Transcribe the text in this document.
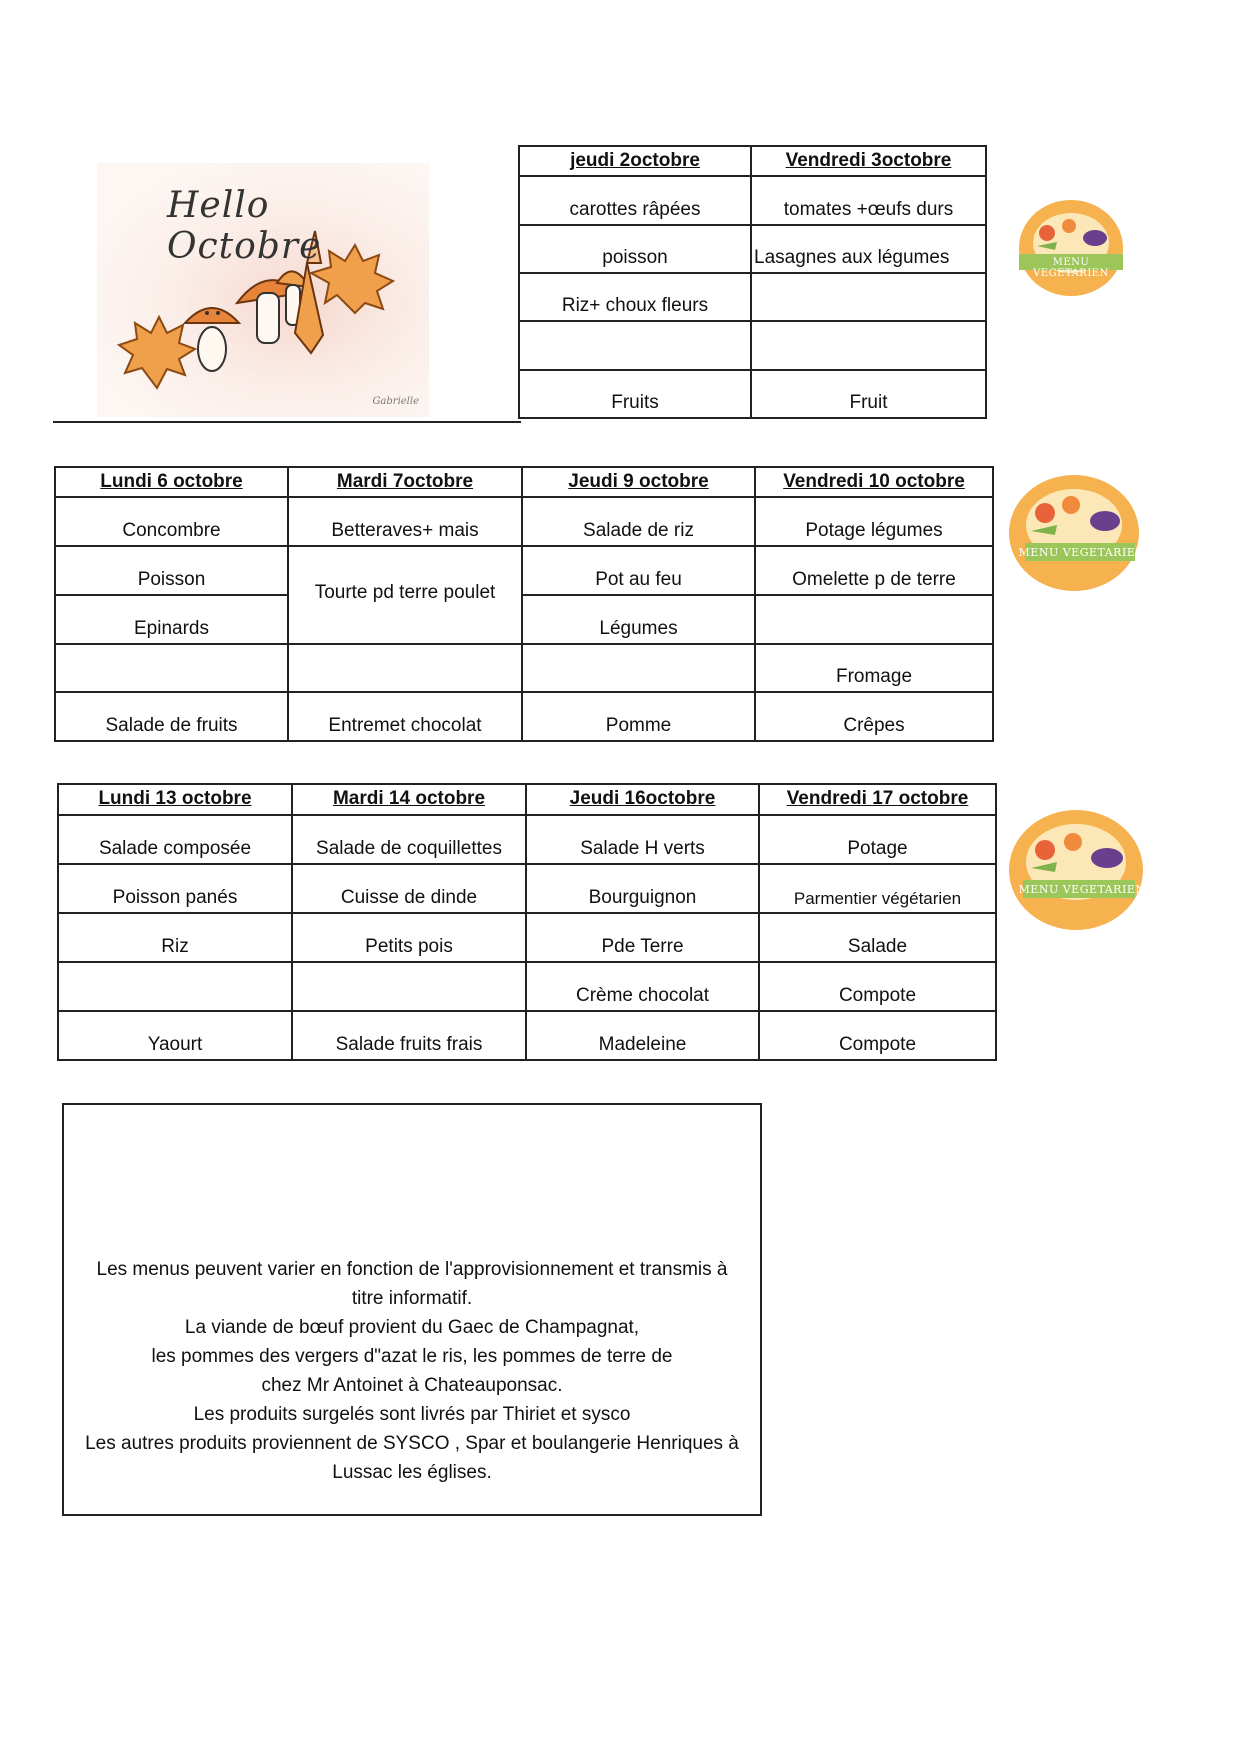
Hello Octobre
Gabrielle
jeudi 2octobre	Vendredi 3octobre
carottes râpées	tomates +œufs durs
poisson	Lasagnes aux légumes
Riz+ choux fleurs	

Fruits	Fruit
Lundi 6 octobre	Mardi 7octobre	Jeudi 9 octobre	Vendredi 10 octobre
Concombre	Betteraves+ mais	Salade de riz	Potage légumes
Poisson	Tourte pd terre poulet	Pot au feu	Omelette p de terre
Epinards		Légumes	
			Fromage
Salade de fruits	Entremet chocolat	Pomme	Crêpes
Lundi 13 octobre	Mardi 14 octobre	Jeudi 16octobre	Vendredi 17 octobre
Salade composée	Salade de coquillettes	Salade H verts	Potage
Poisson panés	Cuisse de dinde	Bourguignon	Parmentier végétarien
Riz	Petits pois	Pde Terre	Salade
		Crème chocolat	Compote
Yaourt	Salade fruits frais	Madeleine	Compote
MENU VEGETARIEN
MENU VEGETARIEN
MENU VEGETARIEN
Les menus peuvent varier en fonction de l'approvisionnement et transmis à
titre informatif.
La viande de bœuf provient du Gaec de Champagnat,
les pommes des vergers d"azat le ris, les pommes de terre de
chez Mr Antoinet à Chateauponsac.
Les produits surgelés sont livrés par Thiriet et sysco
Les autres produits proviennent de SYSCO , Spar et boulangerie Henriques à
Lussac les églises.
